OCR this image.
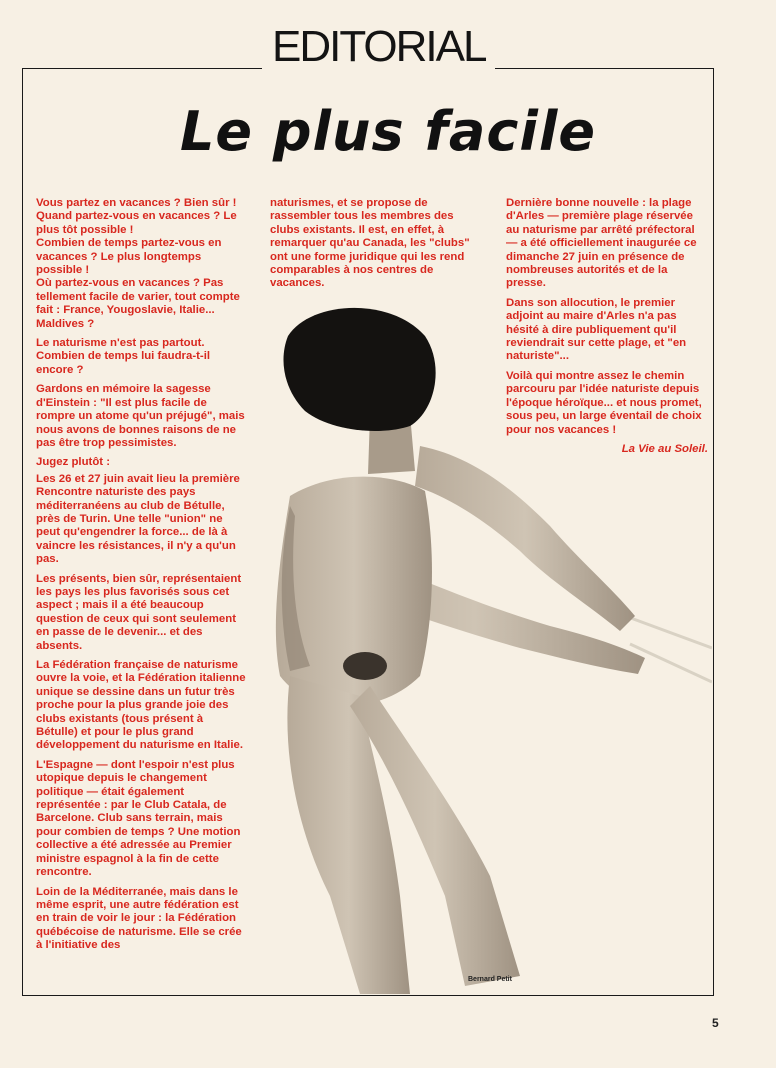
EDITORIAL
Le plus facile

Vous partez en vacances ? Bien sûr !

Quand partez-vous en vacances ? Le plus tôt possible !

Combien de temps partez-vous en vacances ? Le plus longtemps possible !

Où partez-vous en vacances ? Pas tellement facile de varier, tout compte fait : France, Yougoslavie, Italie... Maldives ?

Le naturisme n'est pas partout. Combien de temps lui faudra-t-il encore ?

Gardons en mémoire la sagesse d'Einstein : "Il est plus facile de rompre un atome qu'un préjugé", mais nous avons de bonnes raisons de ne pas être trop pessimistes.

Jugez plutôt :

Les 26 et 27 juin avait lieu la première Rencontre naturiste des pays méditerranéens au club de Bétulle, près de Turin. Une telle "union" ne peut qu'engendrer la force... de là à vaincre les résistances, il n'y a qu'un pas.

Les présents, bien sûr, représentaient les pays les plus favorisés sous cet aspect ; mais il a été beaucoup question de ceux qui sont seulement en passe de le devenir... et des absents.

La Fédération française de naturisme ouvre la voie, et la Fédération italienne unique se dessine dans un futur très proche pour la plus grande joie des clubs existants (tous présent à Bétulle) et pour le plus grand développement du naturisme en Italie.

L'Espagne — dont l'espoir n'est plus utopique depuis le changement politique — était également représentée : par le Club Catala, de Barcelone. Club sans terrain, mais pour combien de temps ? Une motion collective a été adressée au Premier ministre espagnol à la fin de cette rencontre.

Loin de la Méditerranée, mais dans le même esprit, une autre fédération est en train de voir le jour : la Fédération québécoise de naturisme. Elle se crée à l'initiative des

naturismes, et se propose de rassembler tous les membres des clubs existants. Il est, en effet, à remarquer qu'au Canada, les "clubs" ont une forme juridique qui les rend comparables à nos centres de vacances.

Dernière bonne nouvelle : la plage d'Arles — première plage réservée au naturisme par arrêté préfectoral — a été officiellement inaugurée ce dimanche 27 juin en présence de nombreuses autorités et de la presse.

Dans son allocution, le premier adjoint au maire d'Arles n'a pas hésité à dire publiquement qu'il reviendrait sur cette plage, et "en naturiste"...

Voilà qui montre assez le chemin parcouru par l'idée naturiste depuis l'époque héroïque... et nous promet, sous peu, un large éventail de choix pour nos vacances !

La Vie au Soleil.

Bernard Petit
5
